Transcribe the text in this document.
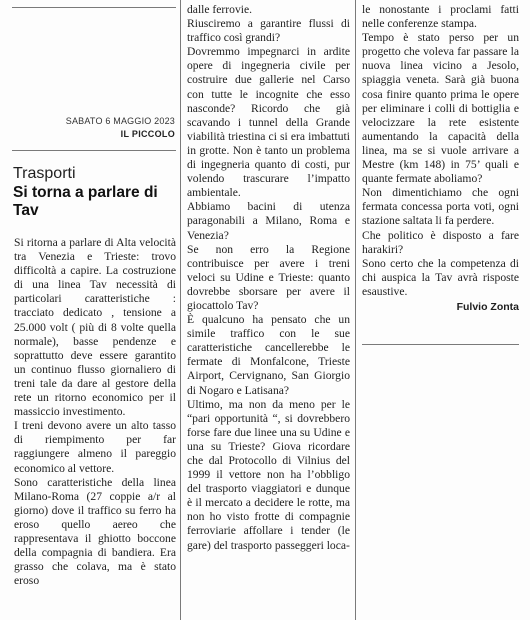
SABATO 6 MAGGIO 2023
IL PICCOLO
Trasporti
Si torna a parlare di Tav

Si ritorna a parlare di Alta velocità tra Venezia e Trieste: trovo difficoltà a capire. La costruzione di una linea Tav necessità di particolari caratteristiche : tracciato dedicato , tensione a 25.000 volt ( più di 8 volte quella normale), basse pendenze e soprattutto deve essere garantito un continuo flusso giornaliero di treni tale da dare al gestore della rete un ritorno economico per il massiccio investimento.

I treni devono avere un alto tasso di riempimento per far raggiungere almeno il pareggio economico al vettore.

Sono caratteristiche della linea Milano-Roma (27 coppie a/r al giorno) dove il traffico su ferro ha eroso quello aereo che rappresentava il ghiotto boccone della compagnia di bandiera. Era grasso che colava, ma è stato eroso

dalle ferrovie.

Riusciremo a garantire flussi di traffico così grandi?

Dovremmo impegnarci in ardite opere di ingegneria civile per costruire due gallerie nel Carso con tutte le incognite che esso nasconde? Ricordo che già scavando i tunnel della Grande viabilità triestina ci si era imbattuti in grotte. Non è tanto un problema di ingegneria quanto di costi, pur volendo trascurare l’impatto ambientale.

Abbiamo bacini di utenza paragonabili a Milano, Roma e Venezia?

Se non erro la Regione contribuisce per avere i treni veloci su Udine e Trieste: quanto dovrebbe sborsare per avere il giocattolo Tav?

È qualcuno ha pensato che un simile traffico con le sue caratteristiche cancellerebbe le fermate di Monfalcone, Trieste Airport, Cervignano, San Giorgio di Nogaro e Latisana?

Ultimo, ma non da meno per le “pari opportunità “, si dovrebbero forse fare due linee una su Udine e una su Trieste? Giova ricordare che dal Protocollo di Vilnius del 1999 il vettore non ha l’obbligo del trasporto viaggiatori e dunque è il mercato a decidere le rotte, ma non ho visto frotte di compagnie ferroviarie affollare i tender (le gare) del trasporto passeggeri loca-

le nonostante i proclami fatti nelle conferenze stampa.

Tempo è stato perso per un progetto che voleva far passare la nuova linea vicino a Jesolo, spiaggia veneta. Sarà già buona cosa finire quanto prima le opere per eliminare i colli di bottiglia e velocizzare la rete esistente aumentando la capacità della linea, ma se si vuole arrivare a Mestre (km 148) in 75’ quali e quante fermate aboliamo?

Non dimentichiamo che ogni fermata concessa porta voti, ogni stazione saltata li fa perdere.

Che politico è disposto a fare harakiri?

Sono certo che la competenza di chi auspica la Tav avrà risposte esaustive.

Fulvio Zonta
